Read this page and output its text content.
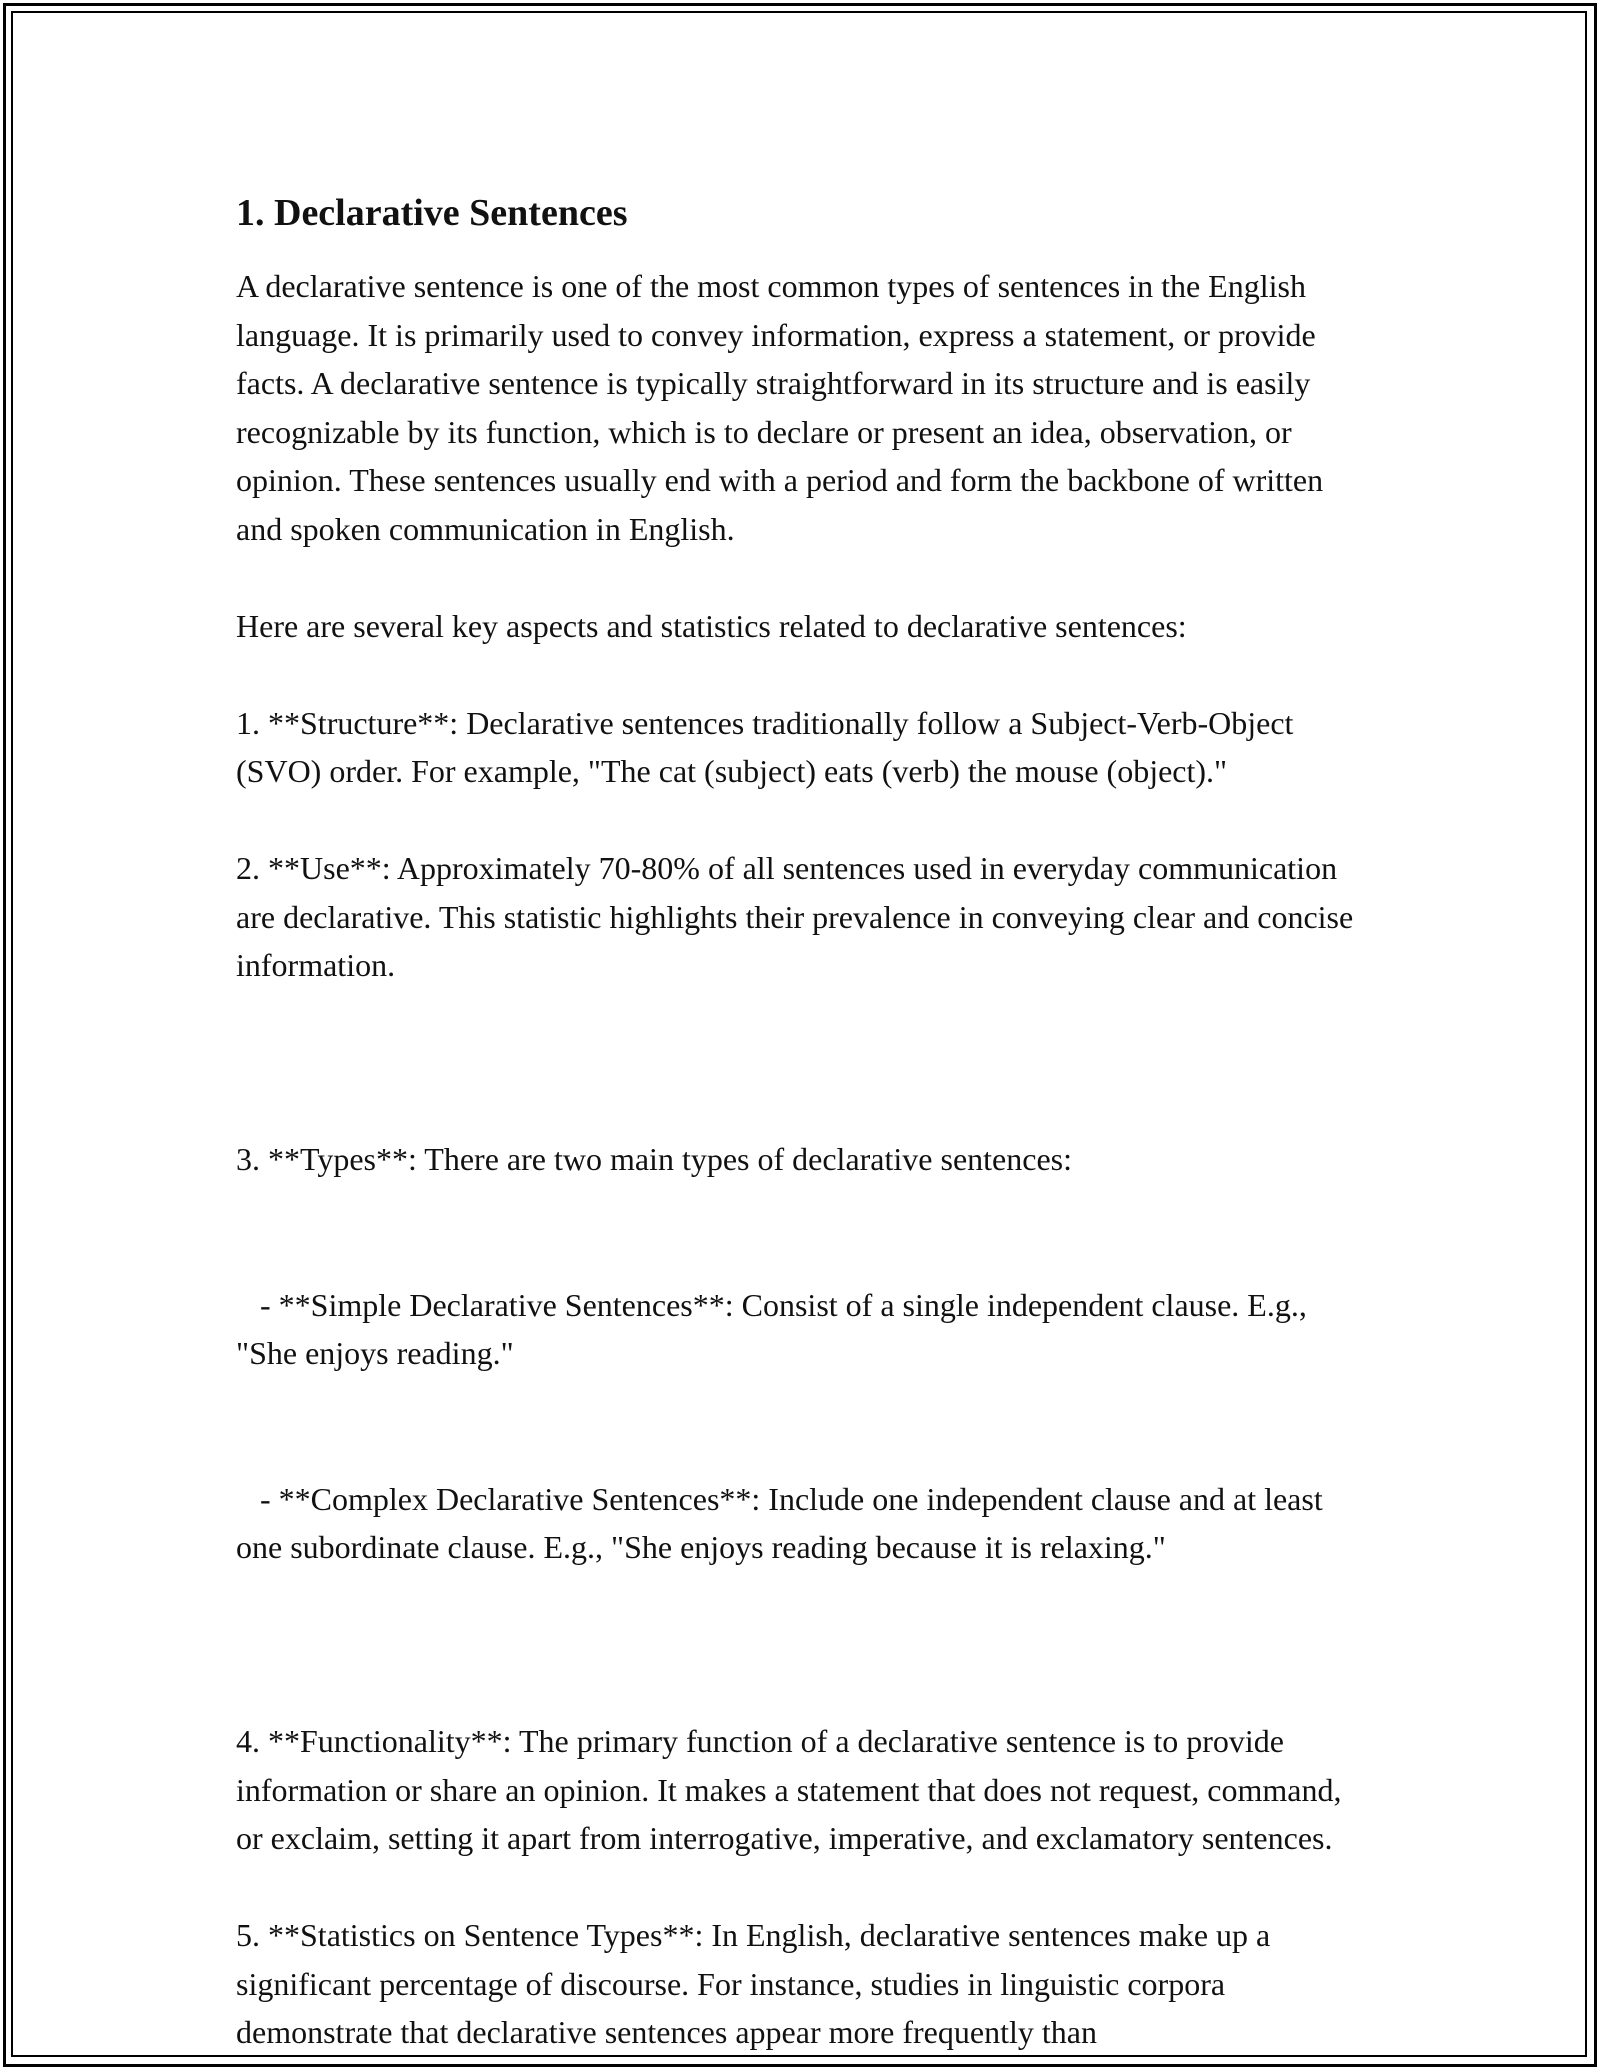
1. Declarative Sentences
A declarative sentence is one of the most common types of sentences in the English language. It is primarily used to convey information, express a statement, or provide facts. A declarative sentence is typically straightforward in its structure and is easily recognizable by its function, which is to declare or present an idea, observation, or opinion. These sentences usually end with a period and form the backbone of written and spoken communication in English.
Here are several key aspects and statistics related to declarative sentences:
1. **Structure**: Declarative sentences traditionally follow a Subject-Verb-Object (SVO) order. For example, "The cat (subject) eats (verb) the mouse (object)."
2. **Use**: Approximately 70-80% of all sentences used in everyday communication are declarative. This statistic highlights their prevalence in conveying clear and concise information.

3. **Types**: There are two main types of declarative sentences:

- **Simple Declarative Sentences**: Consist of a single independent clause. E.g., "She enjoys reading."

- **Complex Declarative Sentences**: Include one independent clause and at least one subordinate clause. E.g., "She enjoys reading because it is relaxing."

4. **Functionality**: The primary function of a declarative sentence is to provide information or share an opinion. It makes a statement that does not request, command, or exclaim, setting it apart from interrogative, imperative, and exclamatory sentences.
5. **Statistics on Sentence Types**: In English, declarative sentences make up a significant percentage of discourse. For instance, studies in linguistic corpora demonstrate that declarative sentences appear more frequently than
